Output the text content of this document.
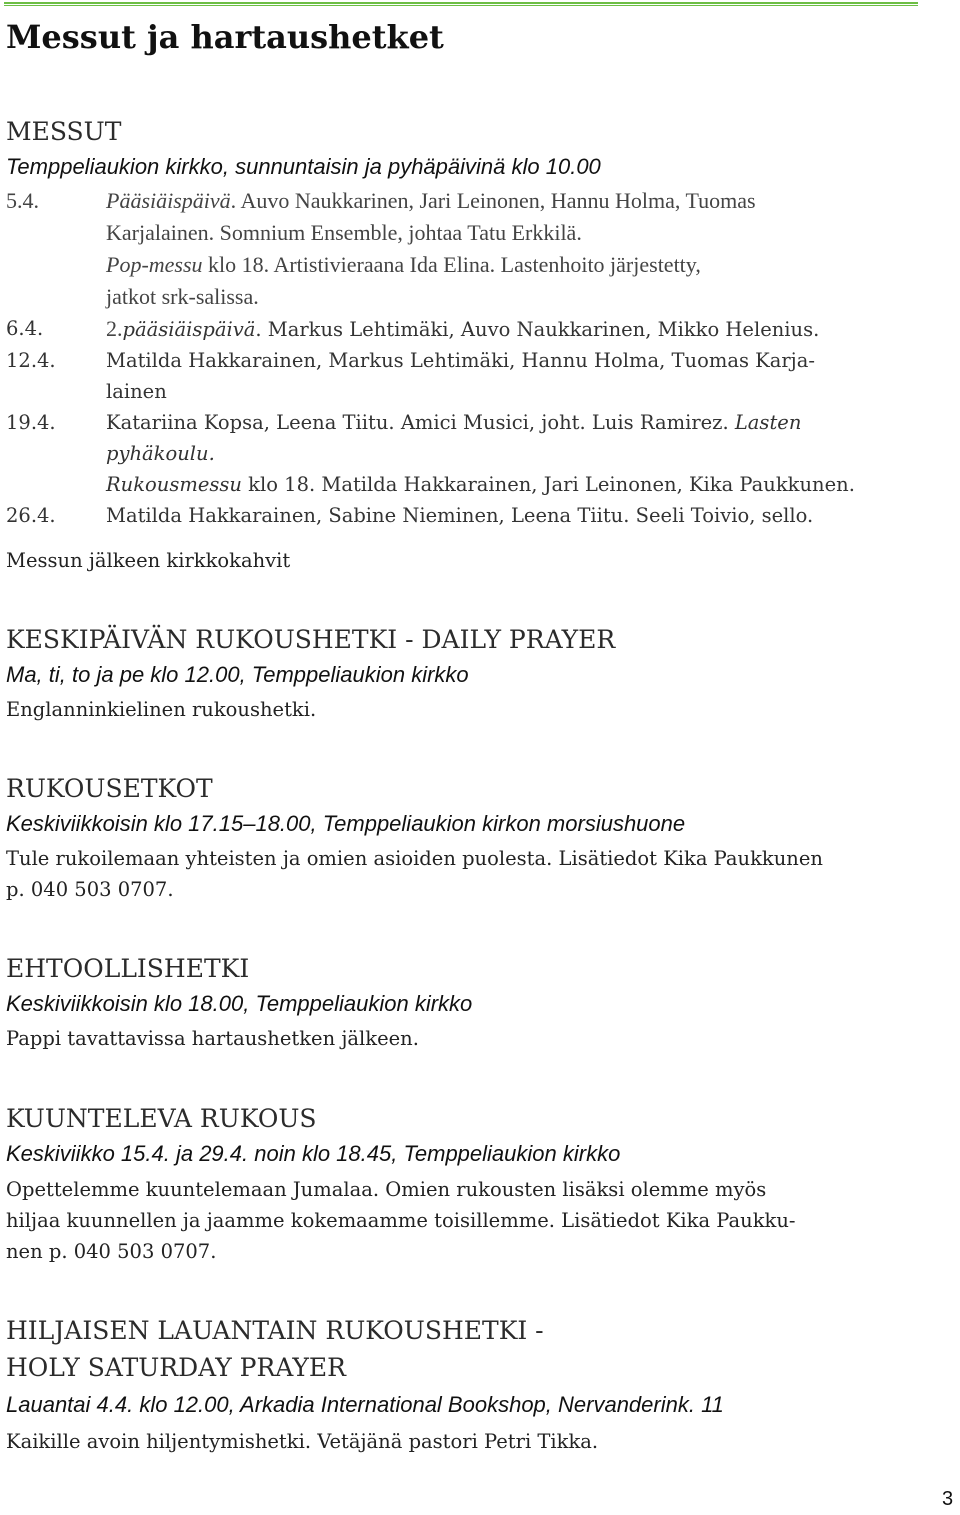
Messut ja hartaushetket
MESSUT
Temppeliaukion kirkko, sunnuntaisin ja pyhäpäivinä klo 10.00
5.4.	Pääsiäispäivä. Auvo Naukkarinen, Jari Leinonen, Hannu Holma, Tuomas
Karjalainen. Somnium Ensemble, johtaa Tatu Erkkilä.
Pop-messu klo 18. Artistivieraana Ida Elina. Lastenhoito järjestetty,
jatkot srk-salissa.
6.4.	2.pääsiäispäivä. Markus Lehtimäki, Auvo Naukkarinen, Mikko Helenius.
12.4.	Matilda Hakkarainen, Markus Lehtimäki, Hannu Holma, Tuomas Karja-
lainen
19.4.	Katariina Kopsa, Leena Tiitu. Amici Musici, joht. Luis Ramirez. Lasten
pyhäkoulu.
Rukousmessu klo 18. Matilda Hakkarainen, Jari Leinonen, Kika Paukkunen.
26.4.	Matilda Hakkarainen, Sabine Nieminen, Leena Tiitu. Seeli Toivio, sello.
Messun jälkeen kirkkokahvit
KESKIPÄIVÄN RUKOUSHETKI - DAILY PRAYER
Ma, ti, to ja pe klo 12.00, Temppeliaukion kirkko
Englanninkielinen rukoushetki.
RUKOUSETKOT
Keskiviikkoisin klo 17.15–18.00, Temppeliaukion kirkon morsiushuone
Tule rukoilemaan yhteisten ja omien asioiden puolesta. Lisätiedot Kika Paukkunen
p. 040 503 0707.
EHTOOLLISHETKI
Keskiviikkoisin klo 18.00, Temppeliaukion kirkko
Pappi tavattavissa hartaushetken jälkeen.
KUUNTELEVA RUKOUS
Keskiviikko 15.4. ja 29.4. noin klo 18.45, Temppeliaukion kirkko
Opettelemme kuuntelemaan Jumalaa. Omien rukousten lisäksi olemme myös
hiljaa kuunnellen ja jaamme kokemaamme toisillemme. Lisätiedot Kika Paukku-
nen p. 040 503 0707.
HILJAISEN LAUANTAIN RUKOUSHETKI -
HOLY SATURDAY PRAYER
Lauantai 4.4. klo 12.00, Arkadia International Bookshop, Nervanderink. 11
Kaikille avoin hiljentymishetki. Vetäjänä pastori Petri Tikka.
3
